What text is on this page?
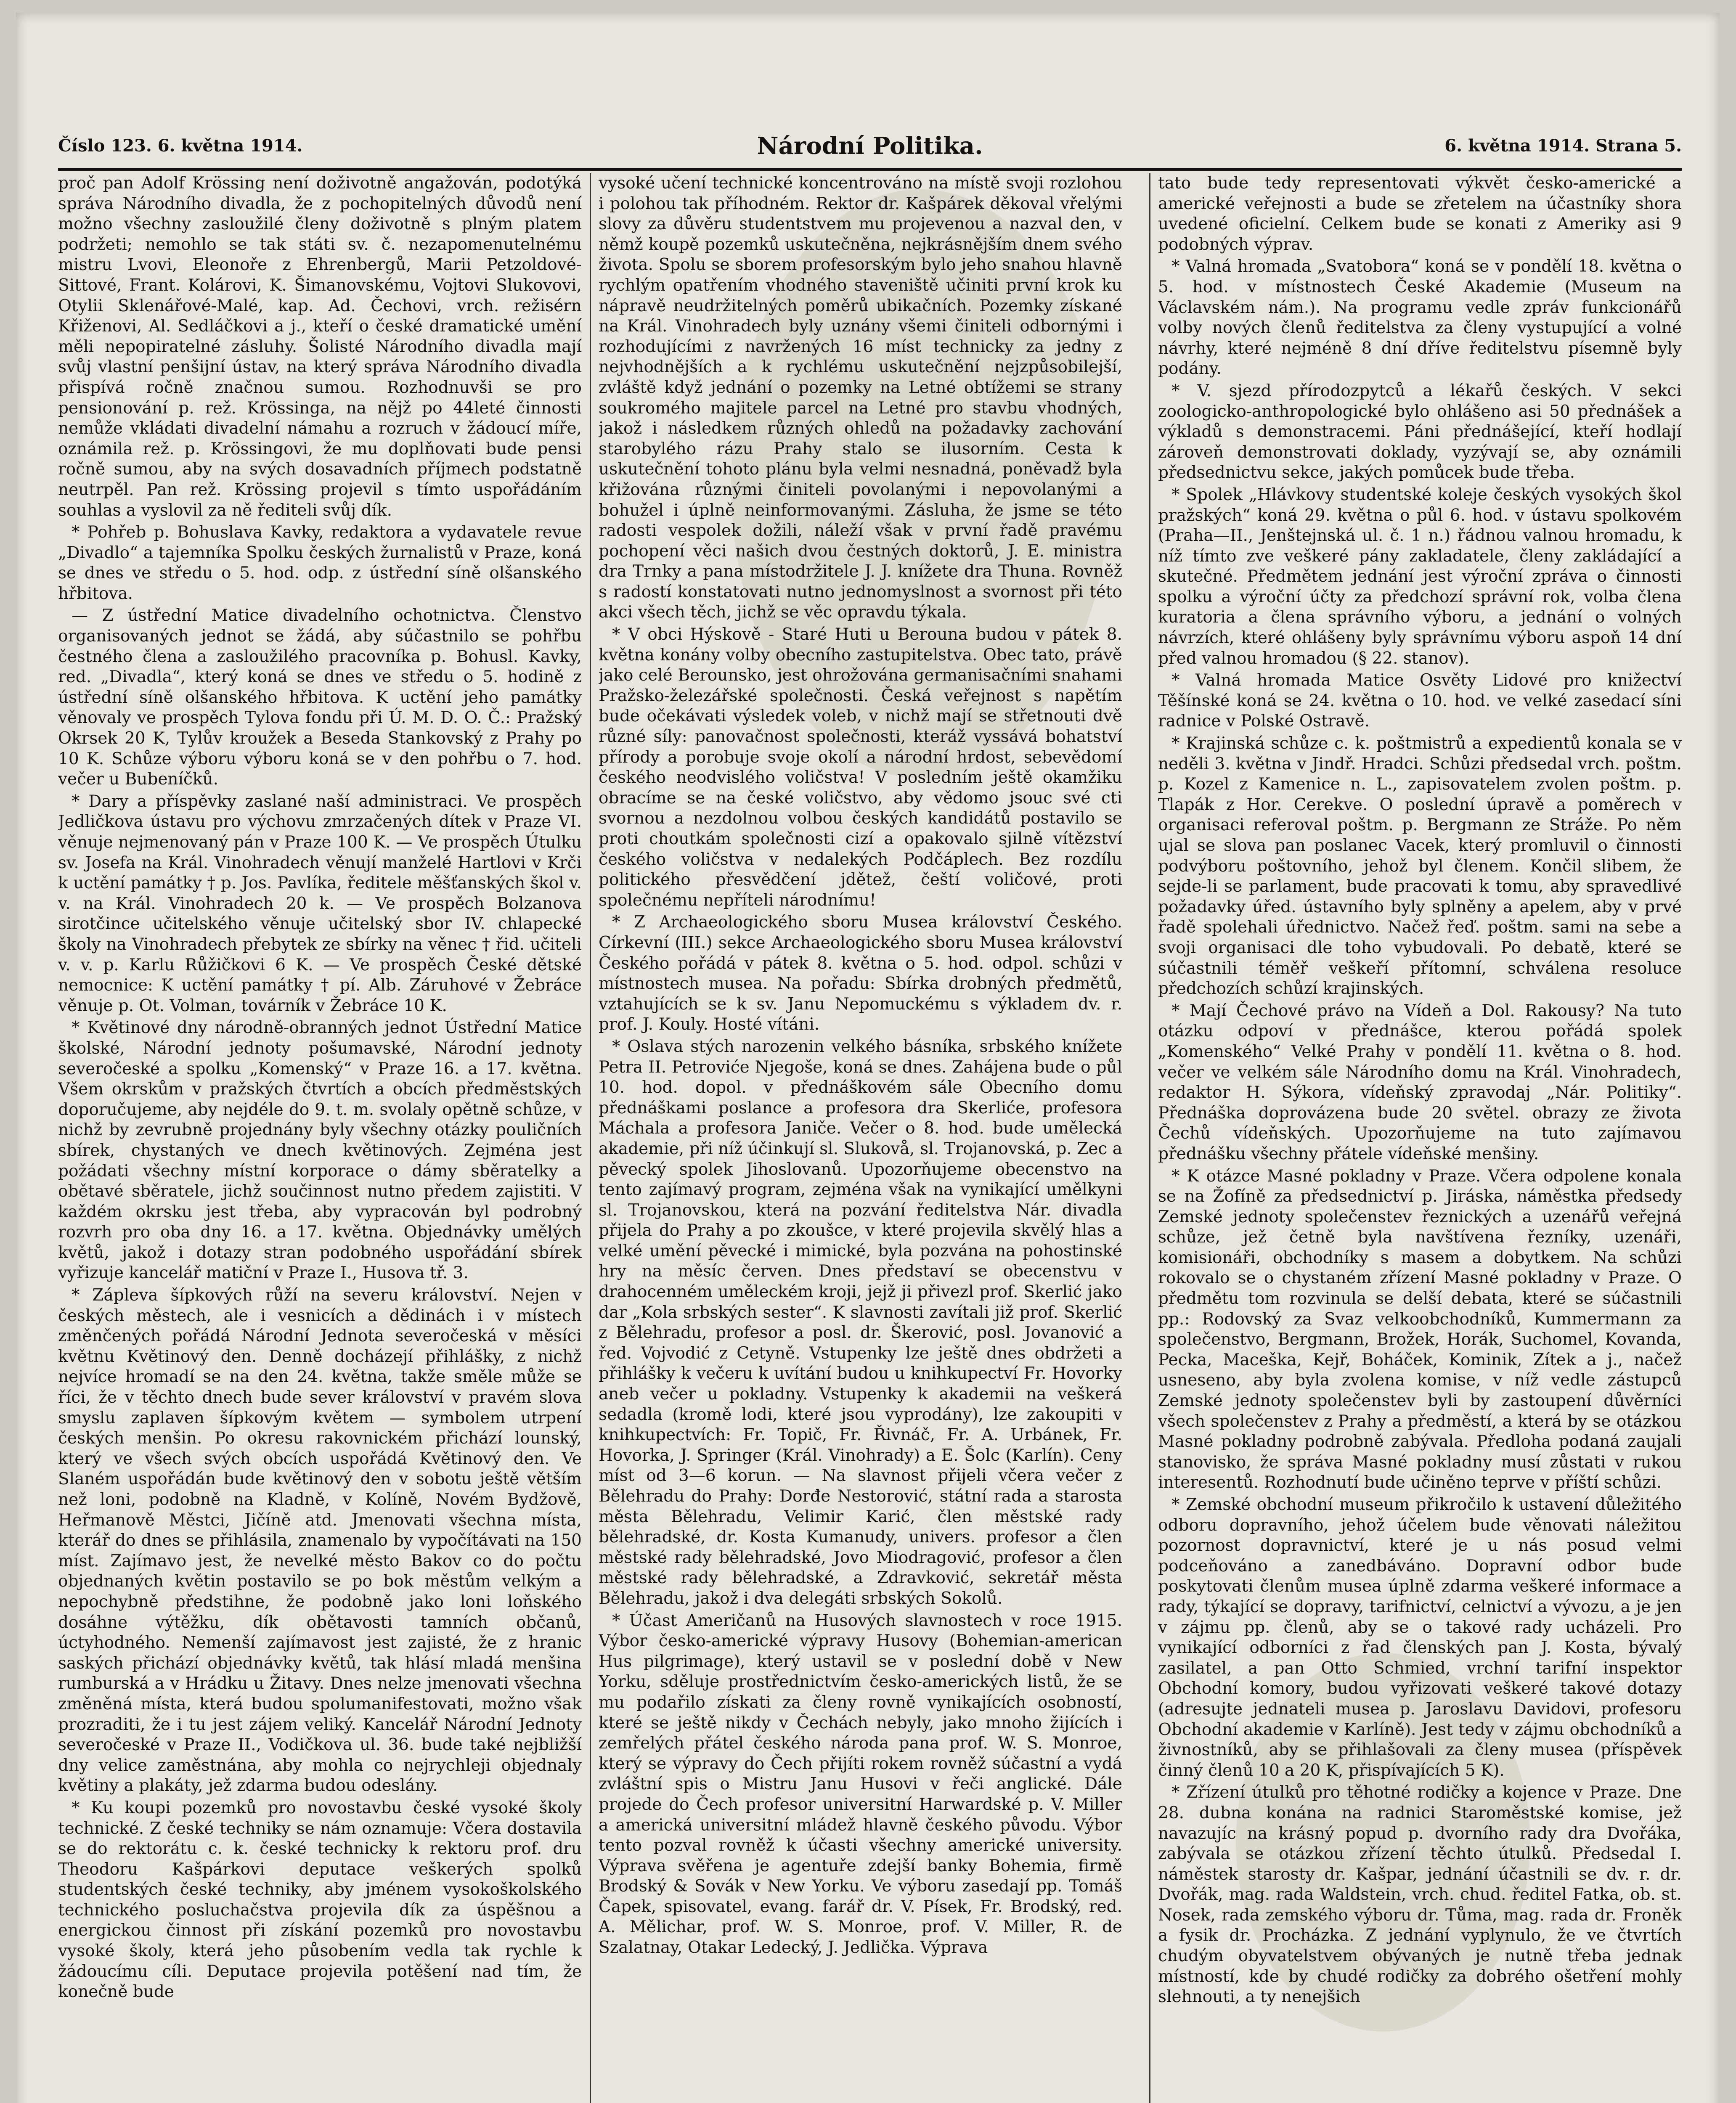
Národní Politika.
Číslo 123. 6. května 1914.	6. května 1914. Strana 5.

proč pan Adolf Krössing není doživotně angažován, podotýká správa Národního divadla, že z pochopitelných důvodů není možno všechny zasloužilé členy doživotně s plným platem podržeti; nemohlo se tak státi sv. č. nezapomenutelnému mistru Lvovi, Eleonoře z Ehrenbergů, Marii Petzoldové-Sittové, Frant. Kolárovi, K. Šimanovskému, Vojtovi Slukovovi, Otylii Sklenářové-Malé, kap. Ad. Čechovi, vrch. režisérn Křiženovi, Al. Sedláčkovi a j., kteří o české dramatické umění měli nepopiratelné zásluhy. Šolisté Národního divadla mají svůj vlastní penšijní ústav, na který správa Národního divadla přispívá ročně značnou sumou. Rozhodnuvši se pro pensionování p. rež. Krössinga, na nějž po 44leté činnosti nemůže vkládati divadelní námahu a rozruch v žádoucí míře, oznámila rež. p. Krössingovi, že mu doplňovati bude pensi ročně sumou, aby na svých dosavadních příjmech podstatně neutrpěl. Pan rež. Krössing projevil s tímto uspořádáním souhlas a vyslovil za ně řediteli svůj dík.

* Pohřeb p. Bohuslava Kavky, redaktora a vydavatele revue „Divadlo“ a tajemníka Spolku českých žurnalistů v Praze, koná se dnes ve středu o 5. hod. odp. z ústřední síně olšanského hřbitova.

— Z ústřední Matice divadelního ochotnictva. Členstvo organisovaných jednot se žádá, aby súčastnilo se pohřbu čestného člena a zasloužilého pracovníka p. Bohusl. Kavky, red. „Divadla“, který koná se dnes ve středu o 5. hodině z ústřední síně olšanského hřbitova. K uctění jeho památky věnovaly ve prospěch Tylova fondu při Ú. M. D. O. Č.: Pražský Okrsek 20 K, Tylův kroužek a Beseda Stankovský z Prahy po 10 K. Schůze výboru výboru koná se v den pohřbu o 7. hod. večer u Bubeníčků.

* Dary a příspěvky zaslané naší administraci. Ve prospěch Jedličkova ústavu pro výchovu zmrzačených dítek v Praze VI. věnuje nejmenovaný pán v Praze 100 K. — Ve prospěch Útulku sv. Josefa na Král. Vinohradech věnují manželé Hartlovi v Krči k uctění památky † p. Jos. Pavlíka, ředitele měšťanských škol v. v. na Král. Vinohradech 20 k. — Ve prospěch Bolzanova sirotčince učitelského věnuje učitelský sbor IV. chlapecké školy na Vinohradech přebytek ze sbírky na věnec † řid. učiteli v. v. p. Karlu Růžičkovi 6 K. — Ve prospěch České dětské nemocnice: K uctění památky † pí. Alb. Záruhové v Žebráce věnuje p. Ot. Volman, továrník v Žebráce 10 K.

* Květinové dny národně-obranných jednot Ústřední Matice školské, Národní jednoty pošumavské, Národní jednoty severočeské a spolku „Komenský“ v Praze 16. a 17. května. Všem okrskům v pražských čtvrtích a obcích předměstských doporučujeme, aby nejdéle do 9. t. m. svolaly opětně schůze, v nichž by zevrubně projednány byly všechny otázky pouličních sbírek, chystaných ve dnech květinových. Zejména jest požádati všechny místní korporace o dámy sběratelky a obětavé sběratele, jichž součinnost nutno předem zajistiti. V každém okrsku jest třeba, aby vypracován byl podrobný rozvrh pro oba dny 16. a 17. května. Objednávky umělých květů, jakož i dotazy stran podobného uspořádání sbírek vyřizuje kancelář matiční v Praze I., Husova tř. 3.

* Zápleva šípkových růží na severu království. Nejen v českých městech, ale i vesnicích a dědinách i v místech změnčených pořádá Národní Jednota severočeská v měsíci květnu Květinový den. Denně docházejí přihlášky, z nichž nejvíce hromadí se na den 24. května, takže směle může se říci, že v těchto dnech bude sever království v pravém slova smyslu zaplaven šípkovým květem — symbolem utrpení českých menšin. Po okresu rakovnickém přichází lounský, který ve všech svých obcích uspořádá Květinový den. Ve Slaném uspořádán bude květinový den v sobotu ještě větším než loni, podobně na Kladně, v Kolíně, Novém Bydžově, Heřmanově Městci, Jičíně atd. Jmenovati všechna místa, kterář do dnes se přihlásila, znamenalo by vypočítávati na 150 míst. Zajímavo jest, že nevelké město Bakov co do počtu objednaných květin postavilo se po bok městům velkým a nepochybně předstihne, že podobně jako loni loňského dosáhne výtěžku, dík obětavosti tamních občanů, úctyhodného. Nemenší zajímavost jest zajisté, že z hranic saských přichází objednávky květů, tak hlásí mladá menšina rumburská a v Hrádku u Žitavy. Dnes nelze jmenovati všechna změněná místa, která budou spolumanifestovati, možno však prozraditi, že i tu jest zájem veliký. Kancelář Národní Jednoty severočeské v Praze II., Vodičkova ul. 36. bude také nejbližší dny velice zaměstnána, aby mohla co nejrychleji objednaly květiny a plakáty, jež zdarma budou odeslány.

* Ku koupi pozemků pro novostavbu české vysoké školy technické. Z české techniky se nám oznamuje: Včera dostavila se do rektorátu c. k. české technicky k rektoru prof. dru Theodoru Kašpárkovi deputace veškerých spolků studentských české techniky, aby jménem vysokoškolského technického posluchačstva projevila dík za úspěšnou a energickou činnost při získání pozemků pro novostavbu vysoké školy, která jeho působením vedla tak rychle k žádoucímu cíli. Deputace projevila potěšení nad tím, že konečně bude

vysoké učení technické koncentrováno na místě svoji rozlohou i polohou tak příhodném. Rektor dr. Kašpárek děkoval vřelými slovy za důvěru studentstvem mu projevenou a nazval den, v němž koupě pozemků uskutečněna, nejkrásnějším dnem svého života. Spolu se sborem profesorským bylo jeho snahou hlavně rychlým opatřením vhodného staveniště učiniti první krok ku nápravě neudržitelných poměrů ubikačních. Pozemky získané na Král. Vinohradech byly uznány všemi činiteli odbornými i rozhodujícími z navržených 16 míst technicky za jedny z nejvhodnějších a k rychlému uskutečnění nejzpůsobilejší, zvláště když jednání o pozemky na Letné obtížemi se strany soukromého majitele parcel na Letné pro stavbu vhodných, jakož i následkem různých ohledů na požadavky zachování starobylého rázu Prahy stalo se ilusorním. Cesta k uskutečnění tohoto plánu byla velmi nesnadná, poněvadž byla křižována různými činiteli povolanými i nepovolanými a bohužel i úplně neinformovanými. Zásluha, že jsme se této radosti vespolek dožili, náleží však v první řadě pravému pochopení věci našich dvou čestných doktorů, J. E. ministra dra Trnky a pana místodržitele J. J. knížete dra Thuna. Rovněž s radostí konstatovati nutno jednomyslnost a svornost při této akci všech těch, jichž se věc opravdu týkala.

* V obci Hýskově - Staré Huti u Berouna budou v pátek 8. května konány volby obecního zastupitelstva. Obec tato, právě jako celé Berounsko, jest ohrožována germanisačními snahami Pražsko-železářské společnosti. Česká veřejnost s napětím bude očekávati výsledek voleb, v nichž mají se střetnouti dvě různé síly: panovačnost společnosti, kteráž vyssává bohatství přírody a porobuje svoje okolí a národní hrdost, sebevědomí českého neodvislého voličstva! V posledním ještě okamžiku obracíme se na české voličstvo, aby vědomo jsouc své cti svornou a nezdolnou volbou českých kandidátů postavilo se proti choutkám společnosti cizí a opakovalo sjilně vítězství českého voličstva v nedalekých Podčáplech. Bez rozdílu politického přesvědčení jdětež, čeští voličové, proti společnému nepříteli národnímu!

* Z Archaeologického sboru Musea království Českého. Církevní (III.) sekce Archaeologického sboru Musea království Českého pořádá v pátek 8. května o 5. hod. odpol. schůzi v místnostech musea. Na pořadu: Sbírka drobných předmětů, vztahujících se k sv. Janu Nepomuckému s výkladem dv. r. prof. J. Kouly. Hosté vítáni.

* Oslava stých narozenin velkého básníka, srbského knížete Petra II. Petroviće Njegoše, koná se dnes. Zahájena bude o půl 10. hod. dopol. v přednáškovém sále Obecního domu přednáškami poslance a profesora dra Skerliće, profesora Máchala a profesora Janiče. Večer o 8. hod. bude umělecká akademie, při níž účinkují sl. Slukovå, sl. Trojanovská, p. Zec a pěvecký spolek Jihoslovanů. Upozorňujeme obecenstvo na tento zajímavý program, zejména však na vynikající umělkyni sl. Trojanovskou, která na pozvání ředitelstva Nár. divadla přijela do Prahy a po zkoušce, v které projevila skvělý hlas a velké umění pěvecké i mimické, byla pozvána na pohostinské hry na měsíc červen. Dnes představí se obecenstvu v drahocenném uměleckém kroji, jejž ji přivezl prof. Skerlić jako dar „Kola srbských sester“. K slavnosti zavítali již prof. Skerlić z Bělehradu, profesor a posl. dr. Škerović, posl. Jovanović a řed. Vojvodić z Cetyně. Vstupenky lze ještě dnes obdržeti a přihlášky k večeru k uvítání budou u knihkupectví Fr. Hovorky aneb večer u pokladny. Vstupenky k akademii na veškerá sedadla (kromě lodi, které jsou vyprodány), lze zakoupiti v knihkupectvích: Fr. Topič, Fr. Řivnáč, Fr. A. Urbánek, Fr. Hovorka, J. Springer (Král. Vinohrady) a E. Šolc (Karlín). Ceny míst od 3—6 korun. — Na slavnost přijeli včera večer z Bělehradu do Prahy: Dorđe Nestorović, státní rada a starosta města Bělehradu, Velimir Karić, člen městské rady bělehradské, dr. Kosta Kumanudy, univers. profesor a člen městské rady bělehradské, Jovo Miodragović, profesor a člen městské rady bělehradské, a Zdravković, sekretář města Bělehradu, jakož i dva delegáti srbských Sokolů.

* Účast Američanů na Husových slavnostech v roce 1915. Výbor česko-americké výpravy Husovy (Bohemian-american Hus pilgrimage), který ustavil se v poslední době v New Yorku, sděluje prostřednictvím česko-amerických listů, že se mu podařilo získati za členy rovně vynikajících osobností, které se ještě nikdy v Čechách nebyly, jako mnoho žijících i zemřelých přátel českého národa pana prof. W. S. Monroe, který se výpravy do Čech přijíti rokem rovněž súčastní a vydá zvláštní spis o Mistru Janu Husovi v řeči anglické. Dále projede do Čech profesor universitní Harwardské p. V. Miller a americká universitní mládež hlavně českého původu. Výbor tento pozval rovněž k účasti všechny americké university. Výprava svěřena je agentuře zdejší banky Bohemia, firmě Brodský & Sovák v New Yorku. Ve výboru zasedají pp. Tomáš Čapek, spisovatel, evang. farář dr. V. Písek, Fr. Brodský, red. A. Mělichar, prof. W. S. Monroe, prof. V. Miller, R. de Szalatnay, Otakar Ledecký, J. Jedlička. Výprava

tato bude tedy representovati výkvět česko-americké a americké veřejnosti a bude se zřetelem na účastníky shora uvedené oficielní. Celkem bude se konati z Ameriky asi 9 podobných výprav.

* Valná hromada „Svatobora“ koná se v pondělí 18. května o 5. hod. v místnostech České Akademie (Museum na Václavském nám.). Na programu vedle zpráv funkcionářů volby nových členů ředitelstva za členy vystupující a volné návrhy, které nejméně 8 dní dříve ředitelstvu písemně byly podány.

* V. sjezd přírodozpytců a lékařů českých. V sekci zoologicko-anthropologické bylo ohlášeno asi 50 přednášek a výkladů s demonstracemi. Páni přednášející, kteří hodlají zároveň demonstrovati doklady, vyzývají se, aby oznámili předsednictvu sekce, jakých pomůcek bude třeba.

* Spolek „Hlávkovy studentské koleje českých vysokých škol pražských“ koná 29. května o půl 6. hod. v ústavu spolkovém (Praha—II., Jenštejnská ul. č. 1 n.) řádnou valnou hromadu, k níž tímto zve veškeré pány zakladatele, členy zakládající a skutečné. Předmětem jednání jest výroční zpráva o činnosti spolku a výroční účty za předchozí správní rok, volba člena kuratoria a člena správního výboru, a jednání o volných návrzích, které ohlášeny byly správnímu výboru aspoň 14 dní před valnou hromadou (§ 22. stanov).

* Valná hromada Matice Osvěty Lidové pro knižectví Těšínské koná se 24. května o 10. hod. ve velké zasedací síni radnice v Polské Ostravě.

* Krajinská schůze c. k. poštmistrů a expedientů konala se v neděli 3. května v Jindř. Hradci. Schůzi předsedal vrch. poštm. p. Kozel z Kamenice n. L., zapisovatelem zvolen poštm. p. Tlapák z Hor. Cerekve. O poslední úpravě a poměrech v organisaci referoval poštm. p. Bergmann ze Stráže. Po něm ujal se slova pan poslanec Vacek, který promluvil o činnosti podvýboru poštovního, jehož byl členem. Končil slibem, že sejde-li se parlament, bude pracovati k tomu, aby spravedlivé požadavky úřed. ústavního byly splněny a apelem, aby v prvé řadě spolehali úřednictvo. Načež řeď. poštm. sami na sebe a svoji organisaci dle toho vybudovali. Po debatě, které se súčastnili téměř veškeří přítomní, schválena resoluce předchozích schůzí krajinských.

* Mají Čechové právo na Vídeň a Dol. Rakousy? Na tuto otázku odpoví v přednášce, kterou pořádá spolek „Komenského“ Velké Prahy v pondělí 11. května o 8. hod. večer ve velkém sále Národního domu na Král. Vinohradech, redaktor H. Sýkora, vídeňský zpravodaj „Nár. Politiky“. Přednáška doprovázena bude 20 světel. obrazy ze života Čechů vídeňských. Upozorňujeme na tuto zajímavou přednášku všechny přátele vídeňské menšiny.

* K otázce Masné pokladny v Praze. Včera odpolene konala se na Žofíně za předsednictví p. Jiráska, náměstka předsedy Zemské jednoty společenstev řeznických a uzenářů veřejná schůze, jež četně byla navštívena řezníky, uzenáři, komisionáři, obchodníky s masem a dobytkem. Na schůzi rokovalo se o chystaném zřízení Masné pokladny v Praze. O předmětu tom rozvinula se delší debata, které se súčastnili pp.: Rodovský za Svaz velkoobchodníků, Kummermann za společenstvo, Bergmann, Brožek, Horák, Suchomel, Kovanda, Pecka, Maceška, Kejř, Boháček, Kominik, Zítek a j., načež usneseno, aby byla zvolena komise, v níž vedle zástupců Zemské jednoty společenstev byli by zastoupení důvěrníci všech společenstev z Prahy a předměstí, a která by se otázkou Masné pokladny podrobně zabývala. Předloha podaná zaujali stanovisko, že správa Masné pokladny musí zůstati v rukou interesentů. Rozhodnutí bude učiněno teprve v příští schůzi.

* Zemské obchodní museum přikročilo k ustavení důležitého odboru dopravního, jehož účelem bude věnovati náležitou pozornost dopravnictví, které je u nás posud velmi podceňováno a zanedbáváno. Dopravní odbor bude poskytovati členům musea úplně zdarma veškeré informace a rady, týkající se dopravy, tarifnictví, celnictví a vývozu, a je jen v zájmu pp. členů, aby se o takové rady ucházeli. Pro vynikající odborníci z řad členských pan J. Kosta, bývalý zasilatel, a pan Otto Schmied, vrchní tarifní inspektor Obchodní komory, budou vyřizovati veškeré takové dotazy (adresujte jednateli musea p. Jaroslavu Davidovi, profesoru Obchodní akademie v Karlíně). Jest tedy v zájmu obchodníků a živnostníků, aby se přihlašovali za členy musea (příspěvek činný členů 10 a 20 K, přispívajících 5 K).

* Zřízení útulků pro těhotné rodičky a kojence v Praze. Dne 28. dubna konána na radnici Staroměstské komise, jež navazujíc na krásný popud p. dvorního rady dra Dvořáka, zabývala se otázkou zřízení těchto útulků. Předsedal I. náměstek starosty dr. Kašpar, jednání účastnili se dv. r. dr. Dvořák, mag. rada Waldstein, vrch. chud. ředitel Fatka, ob. st. Nosek, rada zemského výboru dr. Tůma, mag. rada dr. Froněk a fysik dr. Procházka. Z jednání vyplynulo, že ve čtvrtích chudým obyvatelstvem obývaných je nutně třeba jednak místností, kde by chudé rodičky za dobrého ošetření mohly slehnouti, a ty nenejšich
